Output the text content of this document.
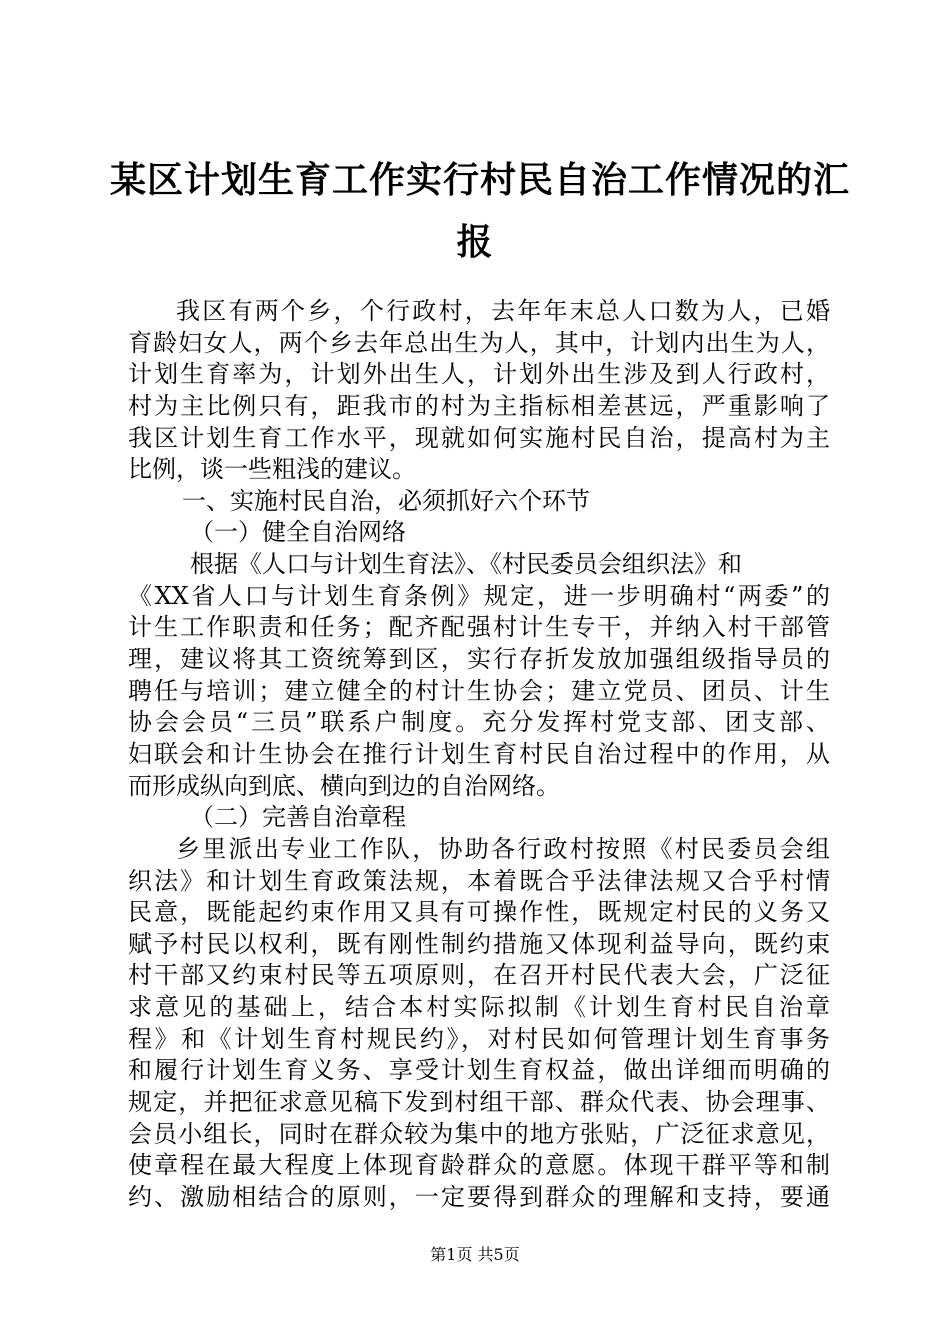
某区计划生育工作实行村民自治工作情况的汇
报
我区有两个乡，个行政村，去年年末总人口数为人，已婚
育龄妇女人，两个乡去年总出生为人，其中，计划内出生为人，
计划生育率为，计划外出生人，计划外出生涉及到人行政村，
村为主比例只有，距我市的村为主指标相差甚远，严重影响了
我区计划生育工作水平，现就如何实施村民自治，提高村为主
比例，谈一些粗浅的建议。
一、实施村民自治，必须抓好六个环节
（一）健全自治网络
根据《人口与计划生育法》、《村民委员会组织法》和
《XX省人口与计划生育条例》规定，进一步明确村“两委”的
计生工作职责和任务；配齐配强村计生专干，并纳入村干部管
理，建议将其工资统筹到区，实行存折发放加强组级指导员的
聘任与培训；建立健全的村计生协会；建立党员、团员、计生
协会会员“三员”联系户制度。充分发挥村党支部、团支部、
妇联会和计生协会在推行计划生育村民自治过程中的作用，从
而形成纵向到底、横向到边的自治网络。
（二）完善自治章程
乡里派出专业工作队，协助各行政村按照《村民委员会组
织法》和计划生育政策法规，本着既合乎法律法规又合乎村情
民意，既能起约束作用又具有可操作性，既规定村民的义务又
赋予村民以权利，既有刚性制约措施又体现利益导向，既约束
村干部又约束村民等五项原则，在召开村民代表大会，广泛征
求意见的基础上，结合本村实际拟制《计划生育村民自治章
程》和《计划生育村规民约》，对村民如何管理计划生育事务
和履行计划生育义务、享受计划生育权益，做出详细而明确的
规定，并把征求意见稿下发到村组干部、群众代表、协会理事、
会员小组长，同时在群众较为集中的地方张贴，广泛征求意见，
使章程在最大程度上体现育龄群众的意愿。体现干群平等和制
约、激励相结合的原则，一定要得到群众的理解和支持，要通
第1页 共5页
